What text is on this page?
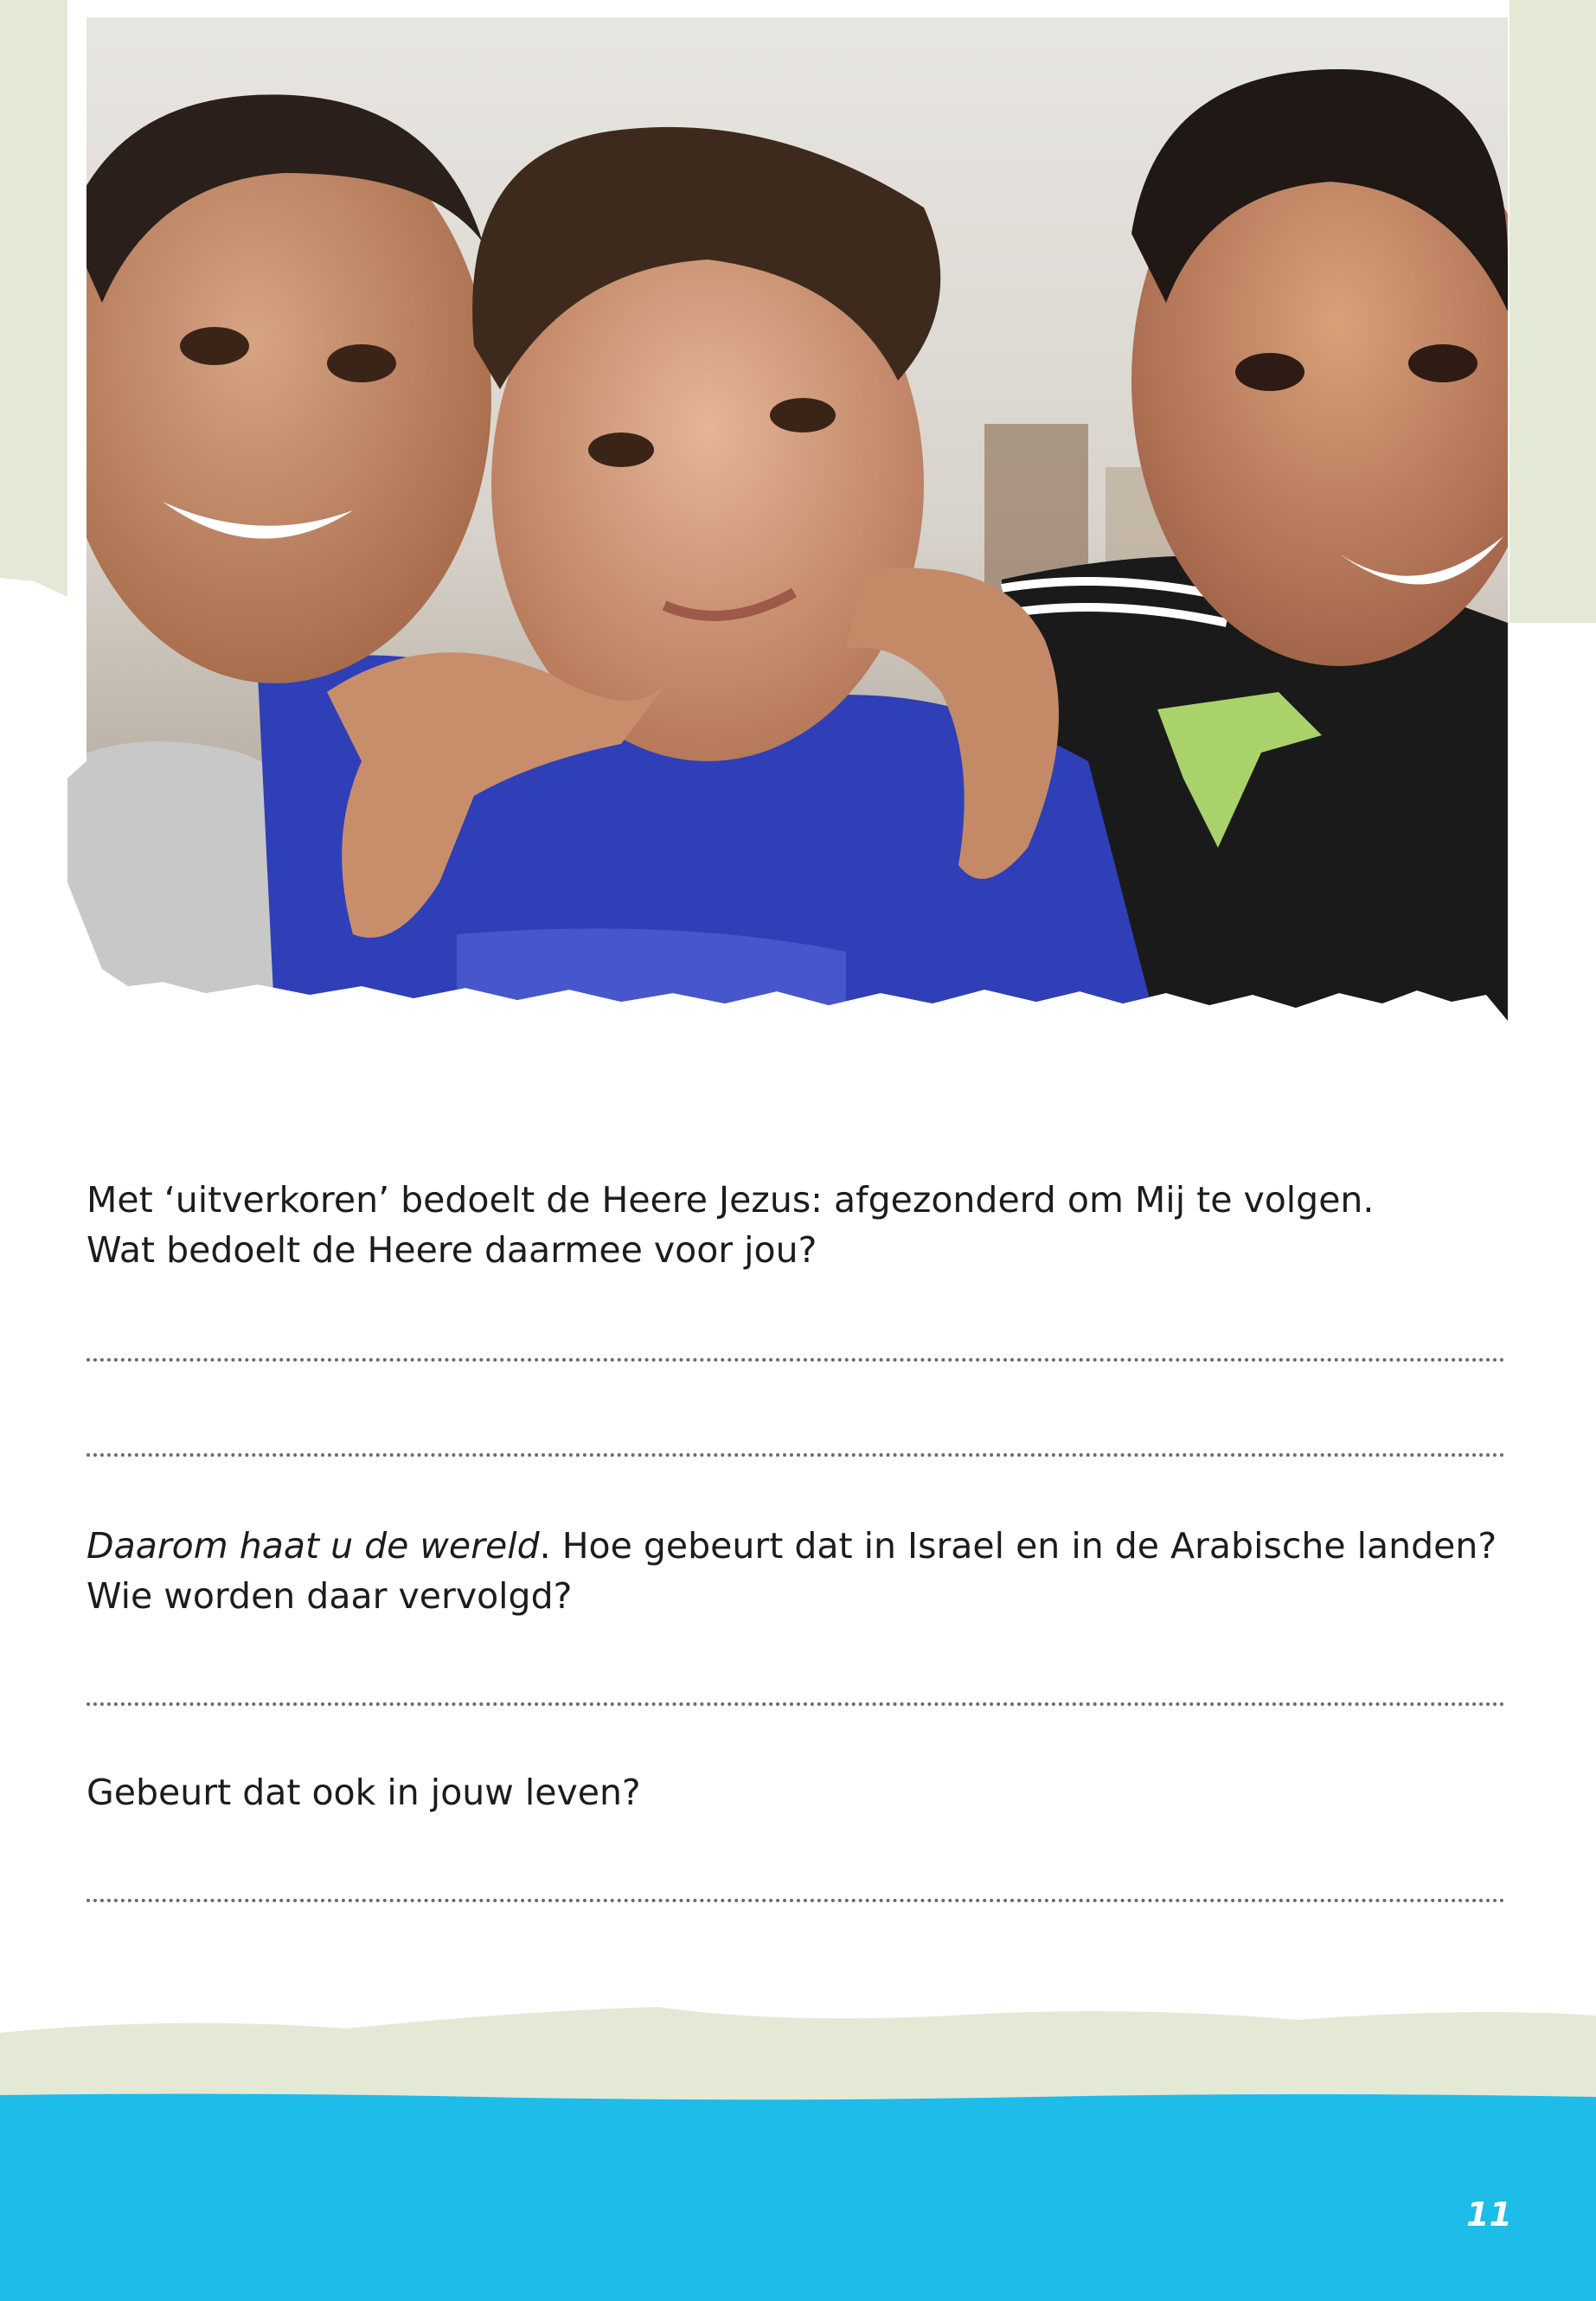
Met ‘uitverkoren’ bedoelt de Heere Jezus: afgezonderd om Mij te volgen.
Wat bedoelt de Heere daarmee voor jou?

Daarom haat u de wereld. Hoe gebeurt dat in Israel en in de Arabische landen?
Wie worden daar vervolgd?

Gebeurt dat ook in jouw leven?

11
